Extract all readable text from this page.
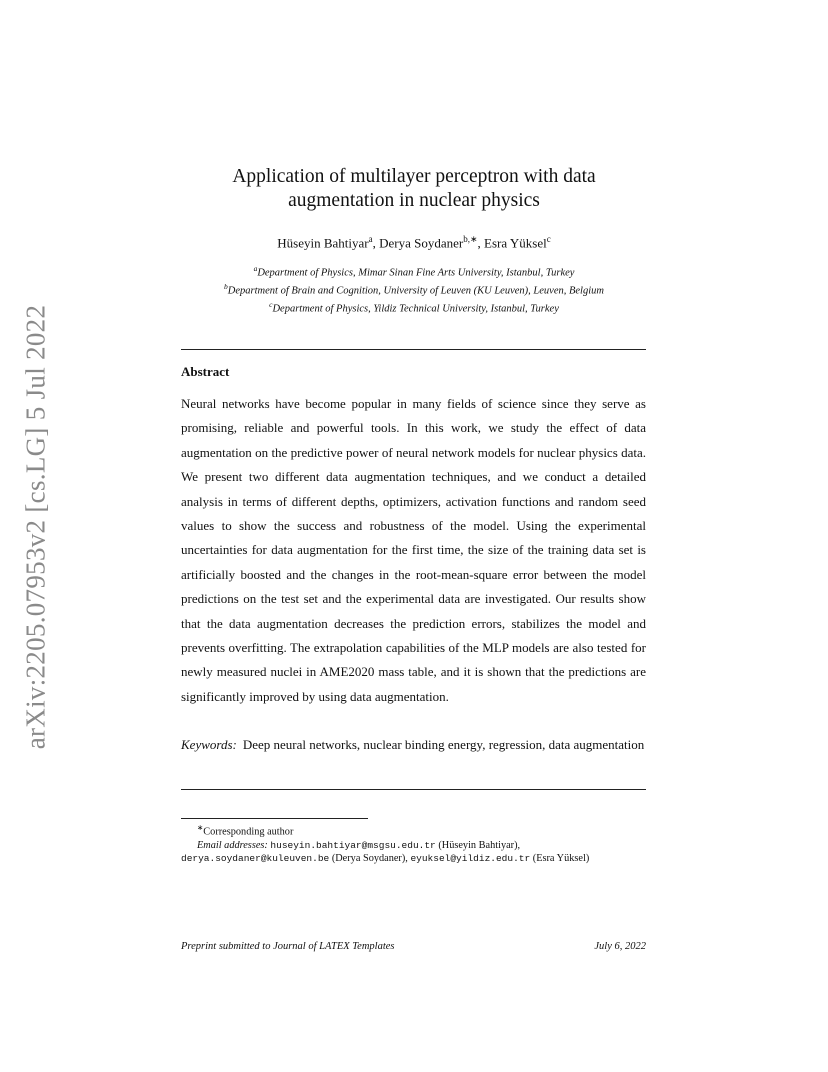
arXiv:2205.07953v2 [cs.LG] 5 Jul 2022
Application of multilayer perceptron with data
augmentation in nuclear physics
Hüseyin Bahtiyar$^a$, Derya Soydaner$^{b,∗}$, Esra Yüksel$^c$
$^a$Department of Physics, Mimar Sinan Fine Arts University, Istanbul, Turkey
$^b$Department of Brain and Cognition, University of Leuven (KU Leuven), Leuven, Belgium
$^c$Department of Physics, Yildiz Technical University, Istanbul, Turkey
Abstract
Neural networks have become popular in many fields of science since they serve as promising, reliable and powerful tools. In this work, we study the effect of data augmentation on the predictive power of neural network models for nuclear physics data. We present two different data augmentation techniques, and we conduct a detailed analysis in terms of different depths, optimizers, activation functions and random seed values to show the success and robustness of the model. Using the experimental uncertainties for data augmentation for the first time, the size of the training data set is artificially boosted and the changes in the root-mean-square error between the model predictions on the test set and the experimental data are investigated. Our results show that the data augmentation decreases the prediction errors, stabilizes the model and prevents overfitting. The extrapolation capabilities of the MLP models are also tested for newly measured nuclei in AME2020 mass table, and it is shown that the predictions are significantly improved by using data augmentation.
Keywords: Deep neural networks, nuclear binding energy, regression, data augmentation
∗Corresponding author
Email addresses: huseyin.bahtiyar@msgsu.edu.tr (Hüseyin Bahtiyar),
derya.soydaner@kuleuven.be (Derya Soydaner), eyuksel@yildiz.edu.tr (Esra Yüksel)
Preprint submitted to Journal of LATEX Templates	July 6, 2022
